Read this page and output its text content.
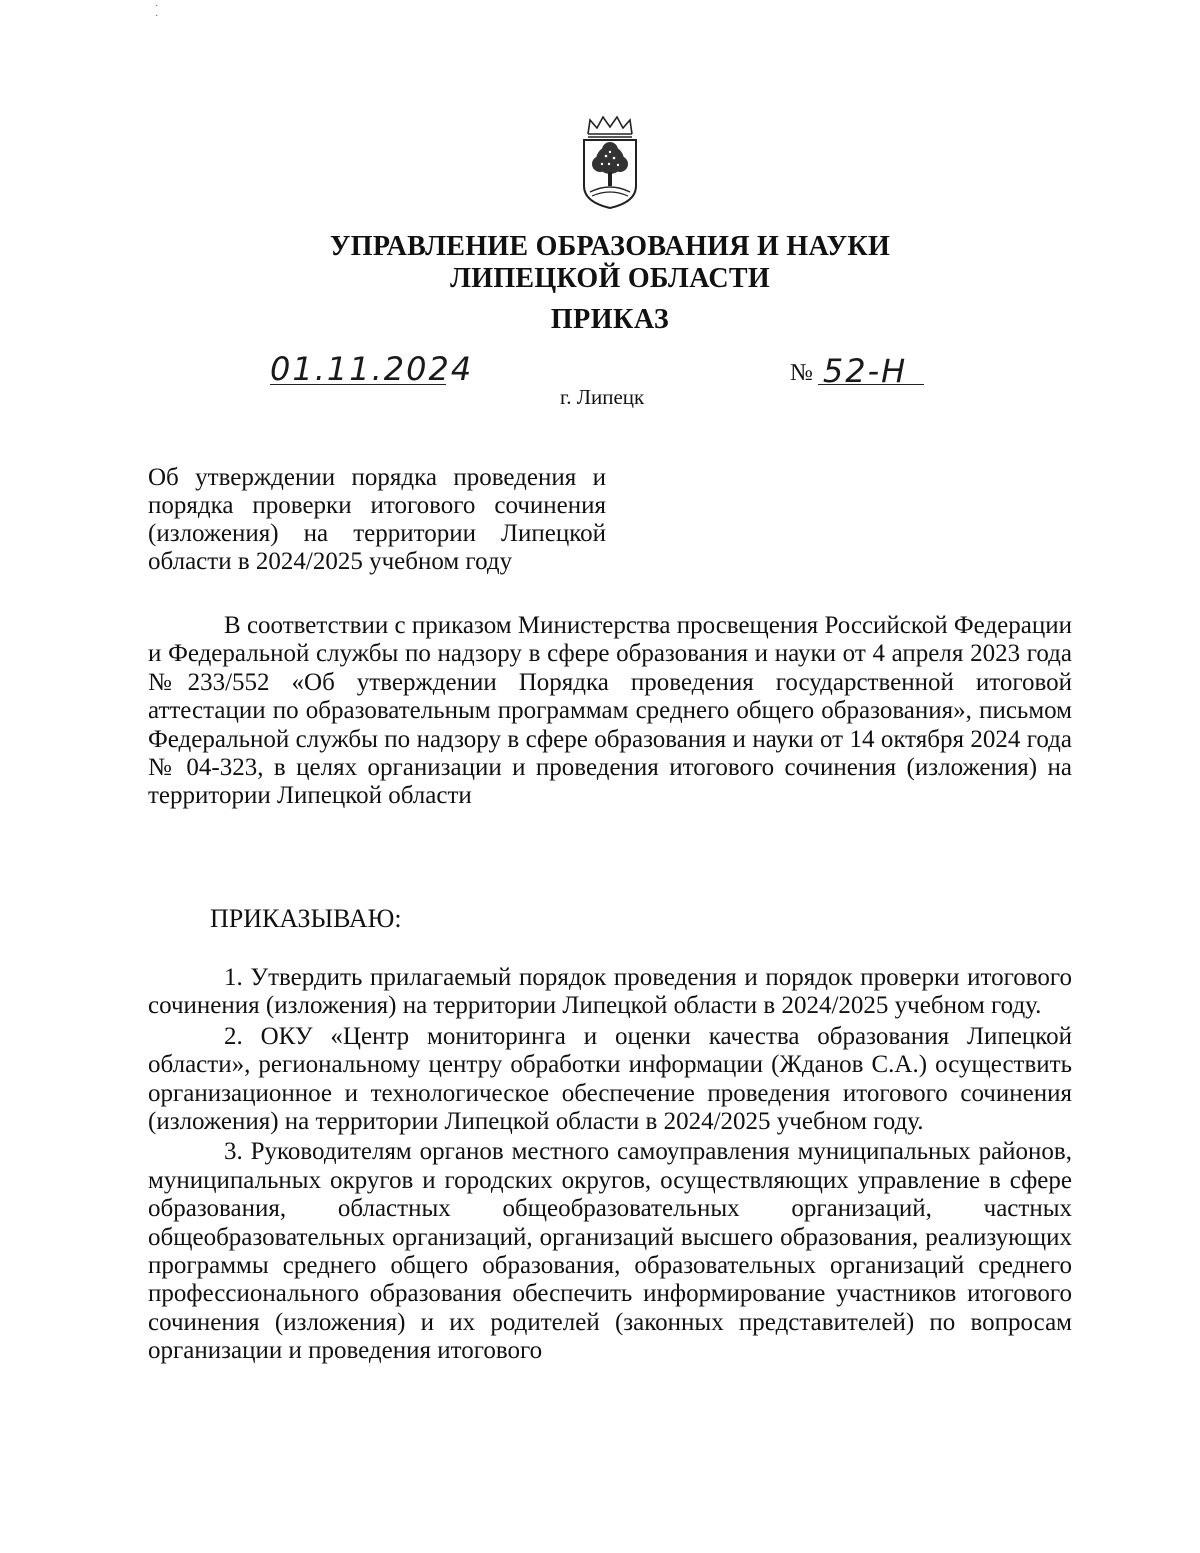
·
·
УПРАВЛЕНИЕ ОБРАЗОВАНИЯ И НАУКИ
ЛИПЕЦКОЙ ОБЛАСТИ
ПРИКАЗ
01.11.2024	№ 52-Н
г. Липецк

Об утверждении порядка проведения и порядка проверки итогового сочинения (изложения) на территории Липецкой области в 2024/2025 учебном году

В соответствии с приказом Министерства просвещения Российской Федерации и Федеральной службы по надзору в сфере образования и науки от 4 апреля 2023 года №233/552 «Об утверждении Порядка проведения государственной итоговой аттестации по образовательным программам среднего общего образования», письмом Федеральной службы по надзору в сфере образования и науки от 14 октября 2024 года № 04-323, в целях организации и проведения итогового сочинения (изложения) на территории Липецкой области

ПРИКАЗЫВАЮ:

1. Утвердить прилагаемый порядок проведения и порядок проверки итогового сочинения (изложения) на территории Липецкой области в 2024/2025 учебном году.

2. ОКУ «Центр мониторинга и оценки качества образования Липецкой области», региональному центру обработки информации (Жданов С.А.) осуществить организационное и технологическое обеспечение проведения итогового сочинения (изложения) на территории Липецкой области в 2024/2025 учебном году.

3. Руководителям органов местного самоуправления муниципальных районов, муниципальных округов и городских округов, осуществляющих управление в сфере образования, областных общеобразовательных организаций, частных общеобразовательных организаций, организаций высшего образования, реализующих программы среднего общего образования, образовательных организаций среднего профессионального образования обеспечить информирование участников итогового сочинения (изложения) и их родителей (законных представителей) по вопросам организации и проведения итогового
